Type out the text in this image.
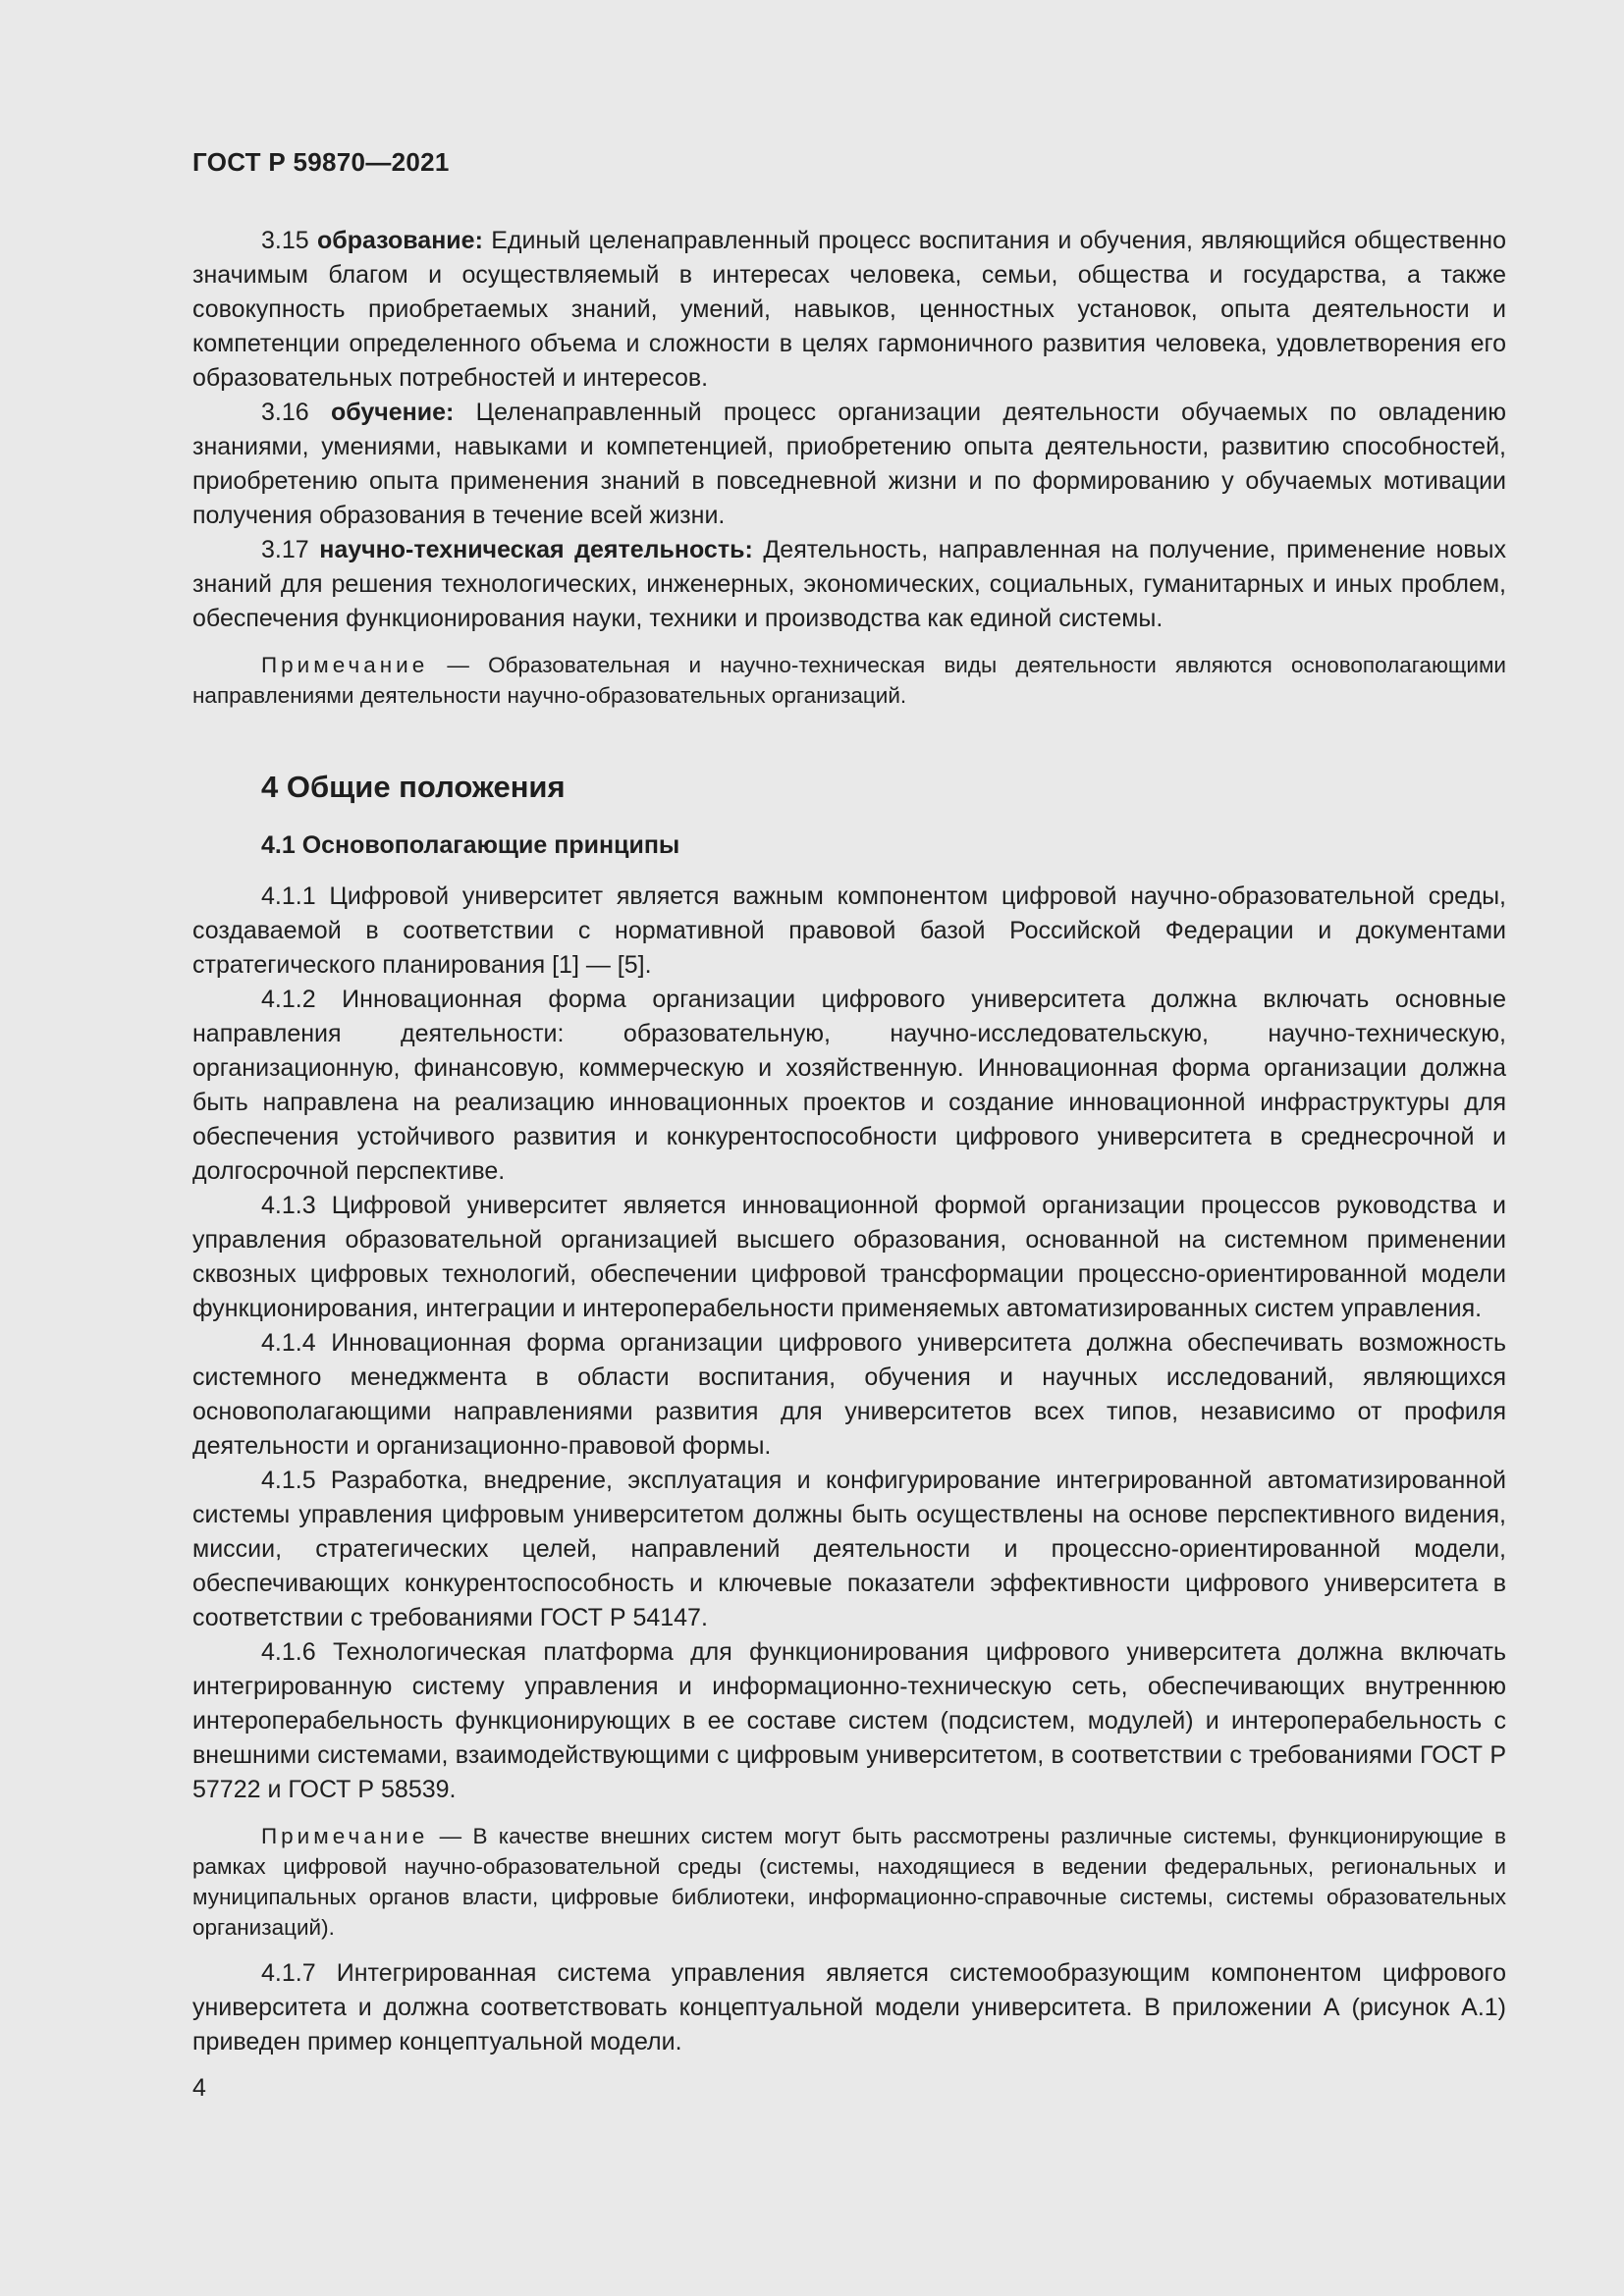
ГОСТ Р 59870—2021

3.15 образование: Единый целенаправленный процесс воспитания и обучения, являющийся общественно значимым благом и осуществляемый в интересах человека, семьи, общества и государства, а также совокупность приобретаемых знаний, умений, навыков, ценностных установок, опыта деятельности и компетенции определенного объема и сложности в целях гармоничного развития человека, удовлетворения его образовательных потребностей и интересов.

3.16 обучение: Целенаправленный процесс организации деятельности обучаемых по овладению знаниями, умениями, навыками и компетенцией, приобретению опыта деятельности, развитию способностей, приобретению опыта применения знаний в повседневной жизни и по формированию у обучаемых мотивации получения образования в течение всей жизни.

3.17 научно-техническая деятельность: Деятельность, направленная на получение, применение новых знаний для решения технологических, инженерных, экономических, социальных, гуманитарных и иных проблем, обеспечения функционирования науки, техники и производства как единой системы.

Примечание — Образовательная и научно-техническая виды деятельности являются основополагающими направлениями деятельности научно-образовательных организаций.

4 Общие положения
4.1 Основополагающие принципы

4.1.1 Цифровой университет является важным компонентом цифровой научно-образовательной среды, создаваемой в соответствии с нормативной правовой базой Российской Федерации и документами стратегического планирования [1] — [5].

4.1.2 Инновационная форма организации цифрового университета должна включать основные направления деятельности: образовательную, научно-исследовательскую, научно-техническую, организационную, финансовую, коммерческую и хозяйственную. Инновационная форма организации должна быть направлена на реализацию инновационных проектов и создание инновационной инфраструктуры для обеспечения устойчивого развития и конкурентоспособности цифрового университета в среднесрочной и долгосрочной перспективе.

4.1.3 Цифровой университет является инновационной формой организации процессов руководства и управления образовательной организацией высшего образования, основанной на системном применении сквозных цифровых технологий, обеспечении цифровой трансформации процессно-ориентированной модели функционирования, интеграции и интероперабельности применяемых автоматизированных систем управления.

4.1.4 Инновационная форма организации цифрового университета должна обеспечивать возможность системного менеджмента в области воспитания, обучения и научных исследований, являющихся основополагающими направлениями развития для университетов всех типов, независимо от профиля деятельности и организационно-правовой формы.

4.1.5 Разработка, внедрение, эксплуатация и конфигурирование интегрированной автоматизированной системы управления цифровым университетом должны быть осуществлены на основе перспективного видения, миссии, стратегических целей, направлений деятельности и процессно-ориентированной модели, обеспечивающих конкурентоспособность и ключевые показатели эффективности цифрового университета в соответствии с требованиями ГОСТ Р 54147.

4.1.6 Технологическая платформа для функционирования цифрового университета должна включать интегрированную систему управления и информационно-техническую сеть, обеспечивающих внутреннюю интероперабельность функционирующих в ее составе систем (подсистем, модулей) и интероперабельность с внешними системами, взаимодействующими с цифровым университетом, в соответствии с требованиями ГОСТ Р 57722 и ГОСТ Р 58539.

Примечание — В качестве внешних систем могут быть рассмотрены различные системы, функционирующие в рамках цифровой научно-образовательной среды (системы, находящиеся в ведении федеральных, региональных и муниципальных органов власти, цифровые библиотеки, информационно-справочные системы, системы образовательных организаций).

4.1.7 Интегрированная система управления является системообразующим компонентом цифрового университета и должна соответствовать концептуальной модели университета. В приложении А (рисунок А.1) приведен пример концептуальной модели.

4
